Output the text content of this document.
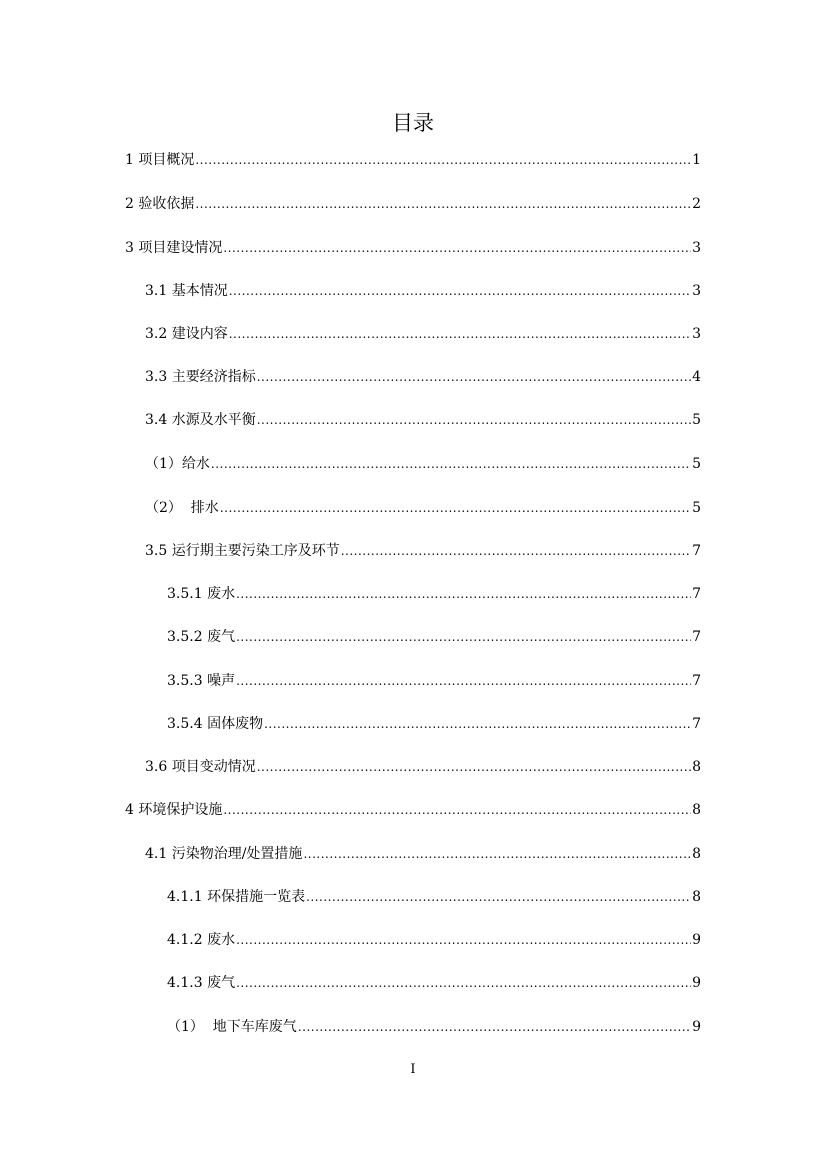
目录
1 项目概况 .....	1
2 验收依据 .....	2
3 项目建设情况 .....	3
3.1 基本情况 .....	3
3.2 建设内容 .....	3
3.3 主要经济指标 .....	4
3.4 水源及水平衡 .....	5
（1）给水 .....	5
（2）  排水 .....	5
3.5 运行期主要污染工序及环节 .....	7
3.5.1 废水 .....	7
3.5.2 废气 .....	7
3.5.3 噪声 .....	7
3.5.4 固体废物 .....	7
3.6 项目变动情况 .....	8
4 环境保护设施 .....	8
4.1 污染物治理/处置措施 .....	8
4.1.1 环保措施一览表 .....	8
4.1.2 废水 .....	9
4.1.3 废气 .....	9
（1）  地下车库废气 .....	9
I
